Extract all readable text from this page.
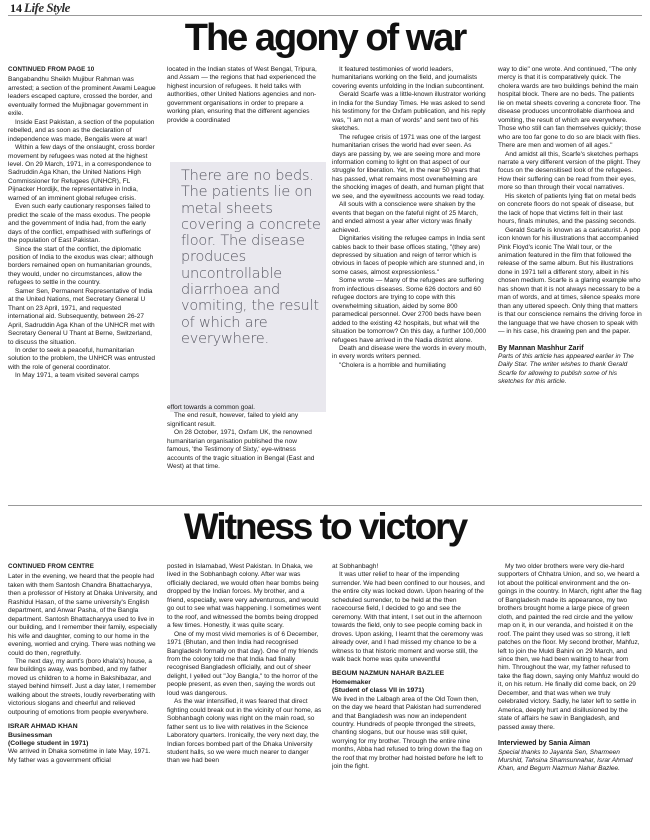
14 Life Style
The agony of war
CONTINUED FROM PAGE 10

Bangabandhu Sheikh Mujibur Rahman was arrested; a section of the prominent Awami League leaders escaped capture, crossed the border, and eventually formed the Mujibnagar government in exile.

Inside East Pakistan, a section of the population rebelled, and as soon as the declaration of independence was made, Bengalis were at war!

Within a few days of the onslaught, cross border movement by refugees was noted at the highest level. On 29 March, 1971, in a correspondence to Sadruddin Aga Khan, the United Nations High Commissioner for Refugees (UNHCR), FL Pijnacker Hordijk, the representative in India, warned of an imminent global refugee crisis.

Even such early cautionary responses failed to predict the scale of the mass exodus. The people and the government of India had, from the early days of the conflict, empathised with sufferings of the population of East Pakistan.

Since the start of the conflict, the diplomatic position of India to the exodus was clear; although borders remained open on humanitarian grounds, they would, under no circumstances, allow the refugees to settle in the country.

Samer Sen, Permanent Representative of India at the United Nations, met Secretary General U Thant on 23 April, 1971, and requested international aid. Subsequently, between 26-27 April, Sadruddin Aga Khan of the UNHCR met with Secretary General U Thant at Berne, Switzerland, to discuss the situation.

In order to seek a peaceful, humanitarian solution to the problem, the UNHCR was entrusted with the role of general coordinator.

In May 1971, a team visited several camps

located in the Indian states of West Bengal, Tripura, and Assam — the regions that had experienced the highest incursion of refugees. It held talks with authorities, other United Nations agencies and non-government organisations in order to prepare a working plan, ensuring that the different agencies provide a coordinated

There are no beds. The patients lie on metal sheets covering a concrete floor. The disease produces uncontrollable diarrhoea and vomiting, the result of which are everywhere.

effort towards a common goal.

The end result, however, failed to yield any significant result.

On 28 October, 1971, Oxfam UK, the renowned humanitarian organisation published the now famous, 'the Testimony of Sixty,' eye-witness accounts of the tragic situation in Bengal (East and West) at that time.

It featured testimonies of world leaders, humanitarians working on the field, and journalists covering events unfolding in the Indian subcontinent.

Gerald Scarfe was a little-known illustrator working in India for the Sunday Times. He was asked to send his testimony for the Oxfam publication, and his reply was, "I am not a man of words" and sent two of his sketches.

The refugee crisis of 1971 was one of the largest humanitarian crises the world had ever seen. As days are passing by, we are seeing more and more information coming to light on that aspect of our struggle for liberation. Yet, in the near 50 years that has passed, what remains most overwhelming are the shocking images of death, and human plight that we see, and the eyewitness accounts we read today.

All souls with a conscience were shaken by the events that began on the fateful night of 25 March, and ended almost a year after victory was finally achieved.

Dignitaries visiting the refugee camps in India sent cables back to their base offices stating, "(they are) depressed by situation and reign of terror which is obvious in faces of people which are stunned and, in some cases, almost expressionless."

Some wrote — Many of the refugees are suffering from infectious diseases. Some 626 doctors and 60 refugee doctors are trying to cope with this overwhelming situation, aided by some 800 paramedical personnel. Over 2700 beds have been added to the existing 42 hospitals, but what will the situation be tomorrow? On this day, a further 100,000 refugees have arrived in the Nadia district alone.

Death and disease were the words in every mouth, in every words writers penned.

"Cholera is a horrible and humiliating

way to die" one wrote. And continued, "The only mercy is that it is comparatively quick. The cholera wards are two buildings behind the main hospital block. There are no beds. The patients lie on metal sheets covering a concrete floor. The disease produces uncontrollable diarrhoea and vomiting, the result of which are everywhere. Those who still can fan themselves quickly; those who are too far gone to do so are black with flies. There are men and women of all ages."

And amidst all this, Scarfe's sketches perhaps narrate a very different version of the plight. They focus on the desensitised look of the refugees. How their suffering can be read from their eyes, more so than through their vocal narratives.

His sketch of patients lying flat on metal beds on concrete floors do not speak of disease, but the lack of hope that victims felt in their last hours, finals minutes, and the passing seconds.

Gerald Scarfe is known as a caricaturist. A pop icon known for his illustrations that accompanied Pink Floyd's iconic The Wall tour, or the animation featured in the film that followed the release of the same album. But his illustrations done in 1971 tell a different story, albeit in his chosen medium. Scarfe is a glaring example who has shown that it is not always necessary to be a man of words, and at times, silence speaks more than any uttered speech. Only thing that matters is that our conscience remains the driving force in the language that we have chosen to speak with — in his case, his drawing pen and the paper.

By Mannan Mashhur Zarif
Parts of this article has appeared earlier in The Daily Star. The writer wishes to thank Gerald Scarfe for allowing to publish some of his sketches for this article.
Witness to victory
CONTINUED FROM CENTRE

Later in the evening, we heard that the people had taken with them Santosh Chandra Bhattacharyya, then a professor of History at Dhaka University, and Rashidul Hasan, of the same university's English department, and Anwar Pasha, of the Bangla department. Santosh Bhattacharyya used to live in our building, and I remember their family, especially his wife and daughter, coming to our home in the evening, worried and crying. There was nothing we could do then, regretfully.

The next day, my aunt's (boro khala's) house, a few buildings away, was bombed, and my father moved us children to a home in Bakshibazar, and stayed behind himself. Just a day later, I remember walking about the streets, loudly reverberating with victorious slogans and cheerful and relieved outpouring of emotions from people everywhere.

ISRAR AHMAD KHAN
Businessman
(College student in 1971)

We arrived in Dhaka sometime in late May, 1971. My father was a government official

posted in Islamabad, West Pakistan. In Dhaka, we lived in the Sobhanbagh colony. After war was officially declared, we would often hear bombs being dropped by the Indian forces. My brother, and a friend, especially, were very adventurous, and would go out to see what was happening. I sometimes went to the roof, and witnessed the bombs being dropped a few times. Honestly, it was quite scary.

One of my most vivid memories is of 6 December, 1971 (Bhutan, and then India had recognised Bangladesh formally on that day). One of my friends from the colony told me that India had finally recognised Bangladesh officially, and out of sheer delight, I yelled out "Joy Bangla," to the horror of the people present, as even then, saying the words out loud was dangerous.

As the war intensified, it was feared that direct fighting could break out in the vicinity of our home, as Sobhanbagh colony was right on the main road, so father sent us to live with relatives in the Science Laboratory quarters. Ironically, the very next day, the Indian forces bombed part of the Dhaka University student halls, so we were much nearer to danger than we had been

at Sobhanbagh!

It was utter relief to hear of the impending surrender. We had been confined to our houses, and the entire city was locked down. Upon hearing of the scheduled surrender, to be held at the then racecourse field, I decided to go and see the ceremony. With that intent, I set out in the afternoon towards the field, only to see people coming back in droves. Upon asking, I learnt that the ceremony was already over, and I had missed my chance to be a witness to that historic moment and worse still, the walk back home was quite uneventful

BEGUM NAZMUN NAHAR BAZLEE
Homemaker
(Student of class VII in 1971)

We lived in the Lalbagh area of the Old Town then, on the day we heard that Pakistan had surrendered and that Bangladesh was now an independent country. Hundreds of people thronged the streets, chanting slogans, but our house was still quiet, worrying for my brother. Through the entire nine months, Abba had refused to bring down the flag on the roof that my brother had hoisted before he left to join the fight.

My two older brothers were very die-hard supporters of Chhatra Union, and so, we heard a lot about the political environment and the on-goings in the country. In March, right after the flag of Bangladesh made its appearance, my two brothers brought home a large piece of green cloth, and painted the red circle and the yellow map on it, in our veranda, and hoisted it on the roof. The paint they used was so strong, it left patches on the floor. My second brother, Mahfuz, left to join the Mukti Bahini on 29 March, and since then, we had been waiting to hear from him. Throughout the war, my father refused to take the flag down, saying only Mahfuz would do it, on his return. He finally did come back, on 29 December, and that was when we truly celebrated victory. Sadly, he later left to settle in America, deeply hurt and disillusioned by the state of affairs he saw in Bangladesh, and passed away there.

Interviewed by Sania Aiman
Special thanks to Jayanta Sen, Sharmeen Murshid, Tahsina Shamsunnahar, Israr Ahmad Khan, and Begum Nazmun Nahar Bazlee.
